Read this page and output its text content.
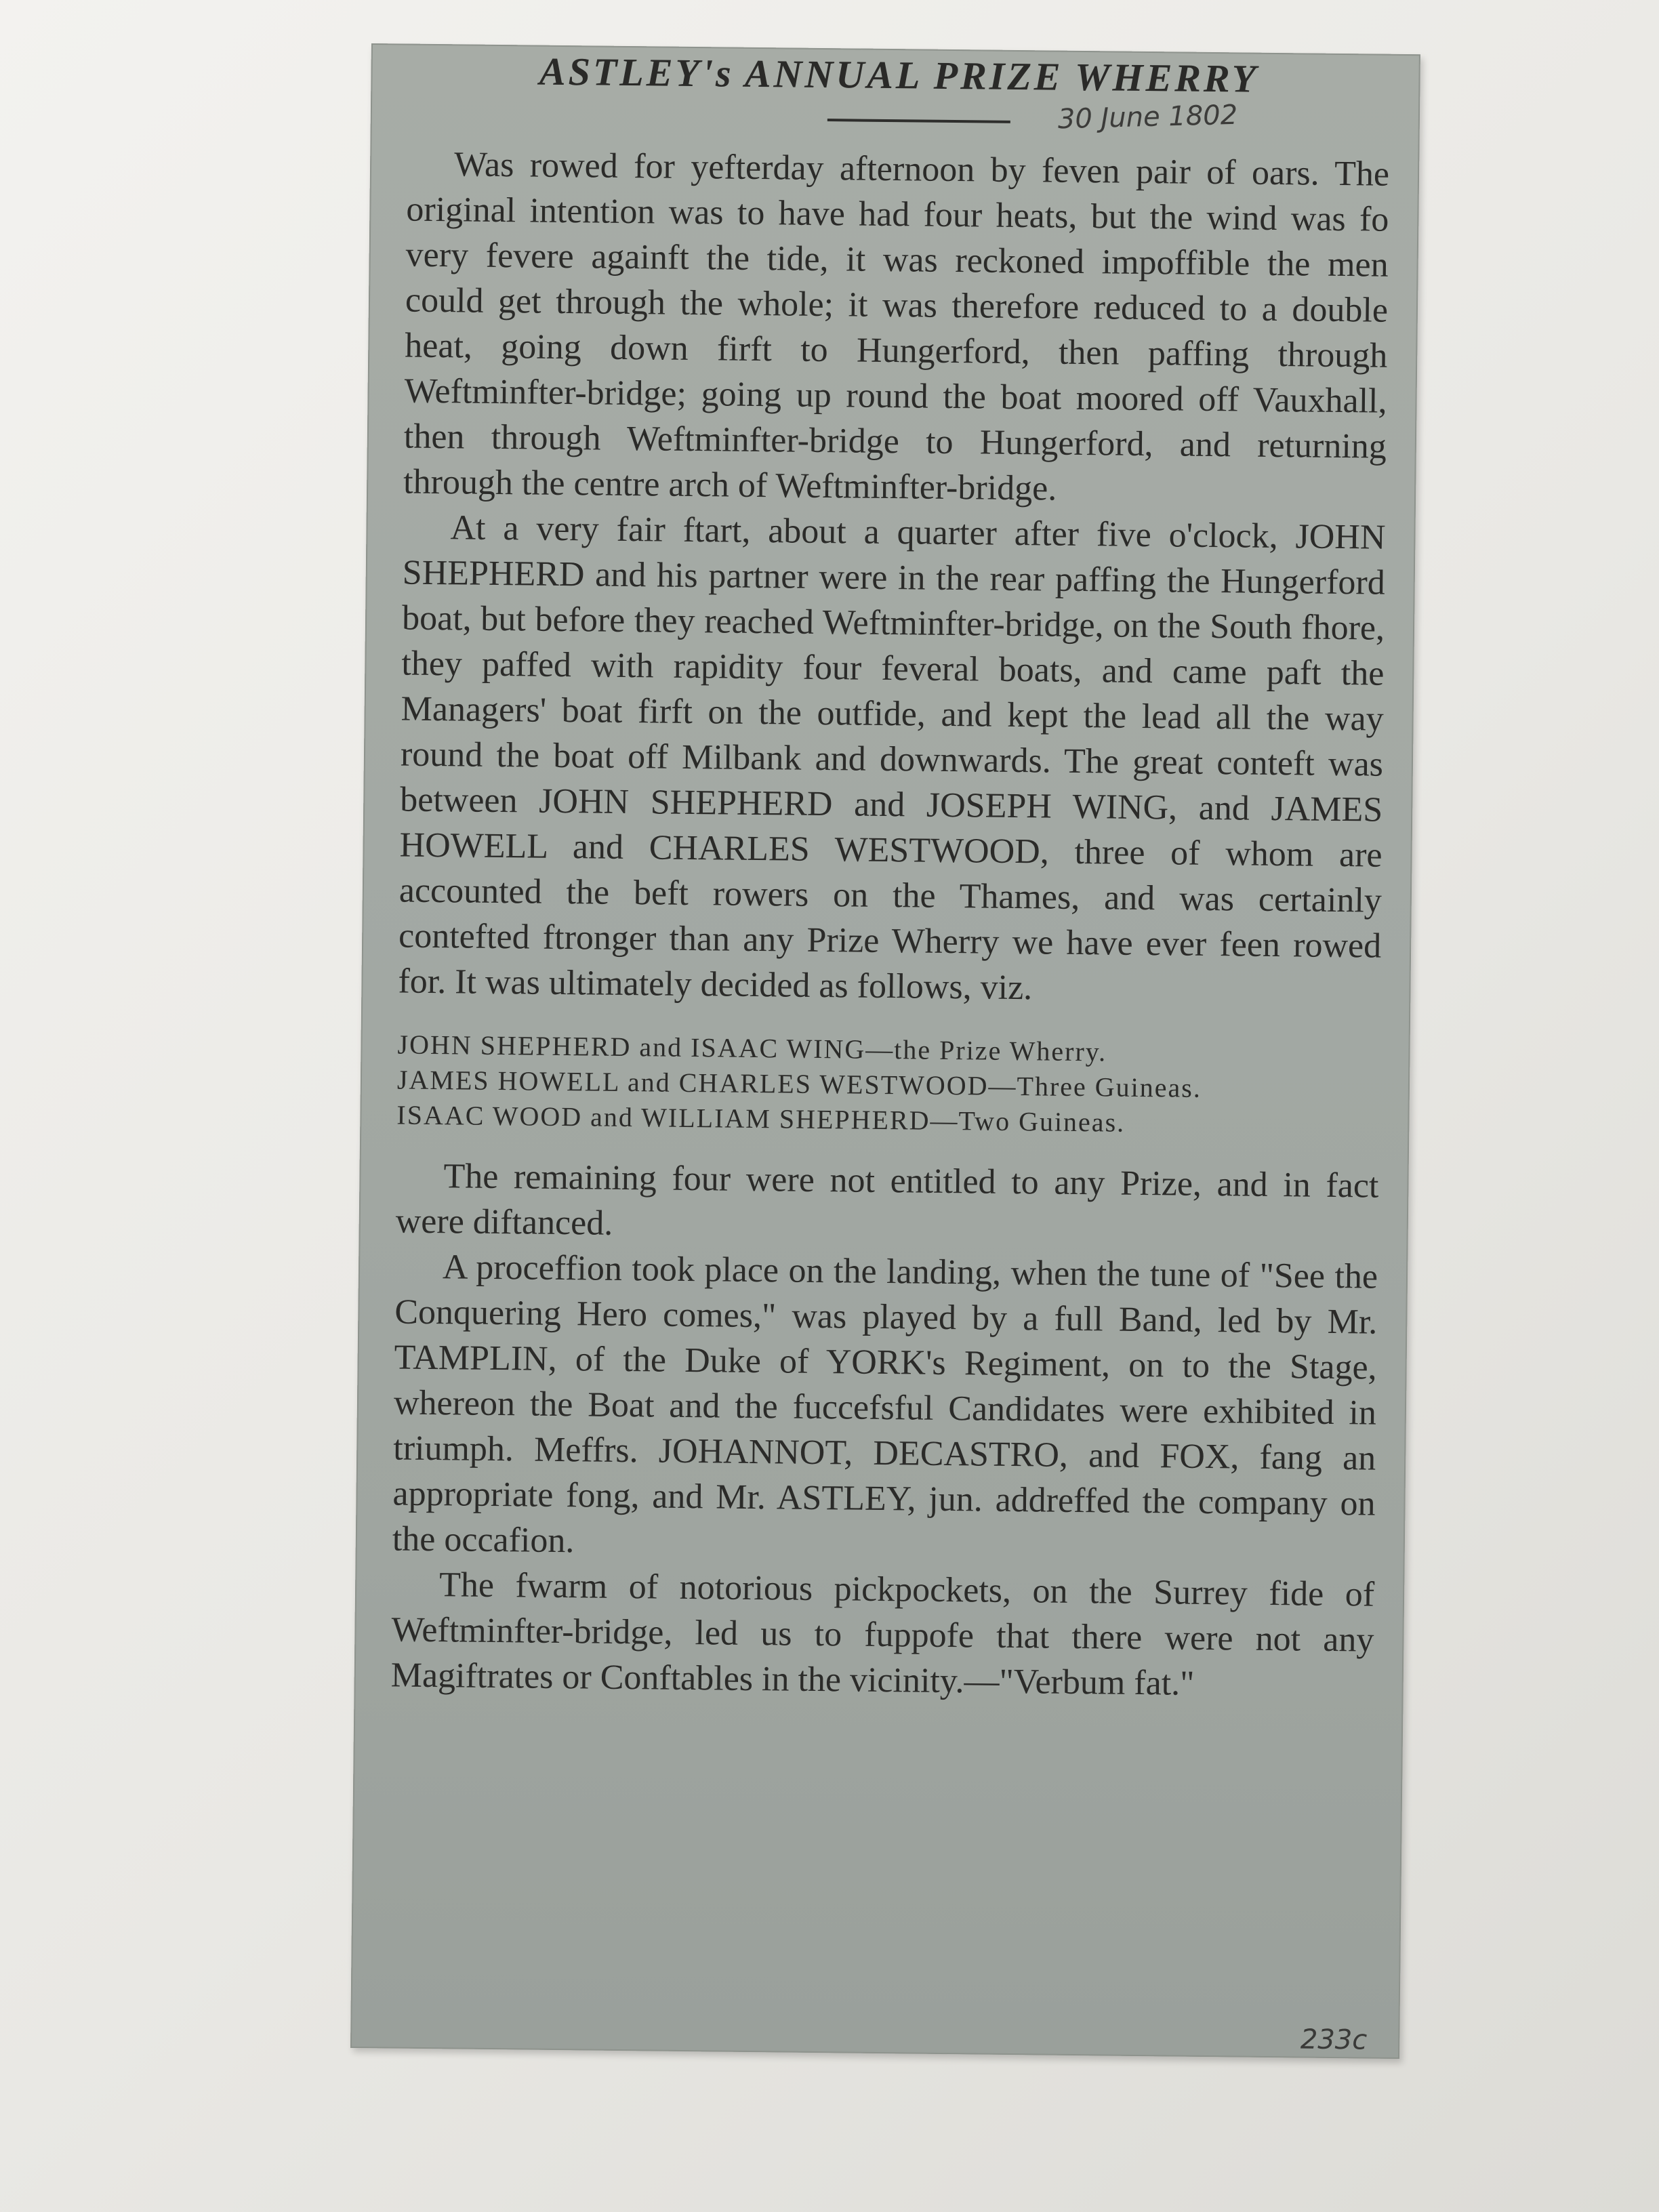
ASTLEY's ANNUAL PRIZE WHERRY
30 June 1802

Was rowed for yefterday afternoon by feven pair of oars. The original intention was to have had four heats, but the wind was fo very fevere againft the tide, it was reckoned impoffible the men could get through the whole; it was therefore reduced to a double heat, going down firft to Hungerford, then paffing through Weftminfter-bridge; going up round the boat moored off Vauxhall, then through Weftminfter-bridge to Hungerford, and returning through the centre arch of Weftminfter-bridge.

At a very fair ftart, about a quarter after five o'clock, JOHN SHEPHERD and his partner were in the rear paffing the Hungerford boat, but before they reached Weftminfter-bridge, on the South fhore, they paffed with rapidity four feveral boats, and came paft the Managers' boat firft on the outfide, and kept the lead all the way round the boat off Milbank and downwards. The great conteft was between JOHN SHEPHERD and JOSEPH WING, and JAMES HOWELL and CHARLES WESTWOOD, three of whom are accounted the beft rowers on the Thames, and was certainly contefted ftronger than any Prize Wherry we have ever feen rowed for. It was ultimately decided as follows, viz.

JOHN SHEPHERD and ISAAC WING—the Prize Wherry.

JAMES HOWELL and CHARLES WESTWOOD—Three Guineas.

ISAAC WOOD and WILLIAM SHEPHERD—Two Guineas.

The remaining four were not entitled to any Prize, and in fact were diftanced.

A proceffion took place on the landing, when the tune of "See the Conquering Hero comes," was played by a full Band, led by Mr. TAMPLIN, of the Duke of YORK's Regiment, on to the Stage, whereon the Boat and the fuccefsful Candidates were exhibited in triumph. Meffrs. JOHANNOT, DECASTRO, and FOX, fang an appropriate fong, and Mr. ASTLEY, jun. addreffed the company on the occafion.

The fwarm of notorious pickpockets, on the Surrey fide of Weftminfter-bridge, led us to fuppofe that there were not any Magiftrates or Conftables in the vicinity.—"Verbum fat."

233c
